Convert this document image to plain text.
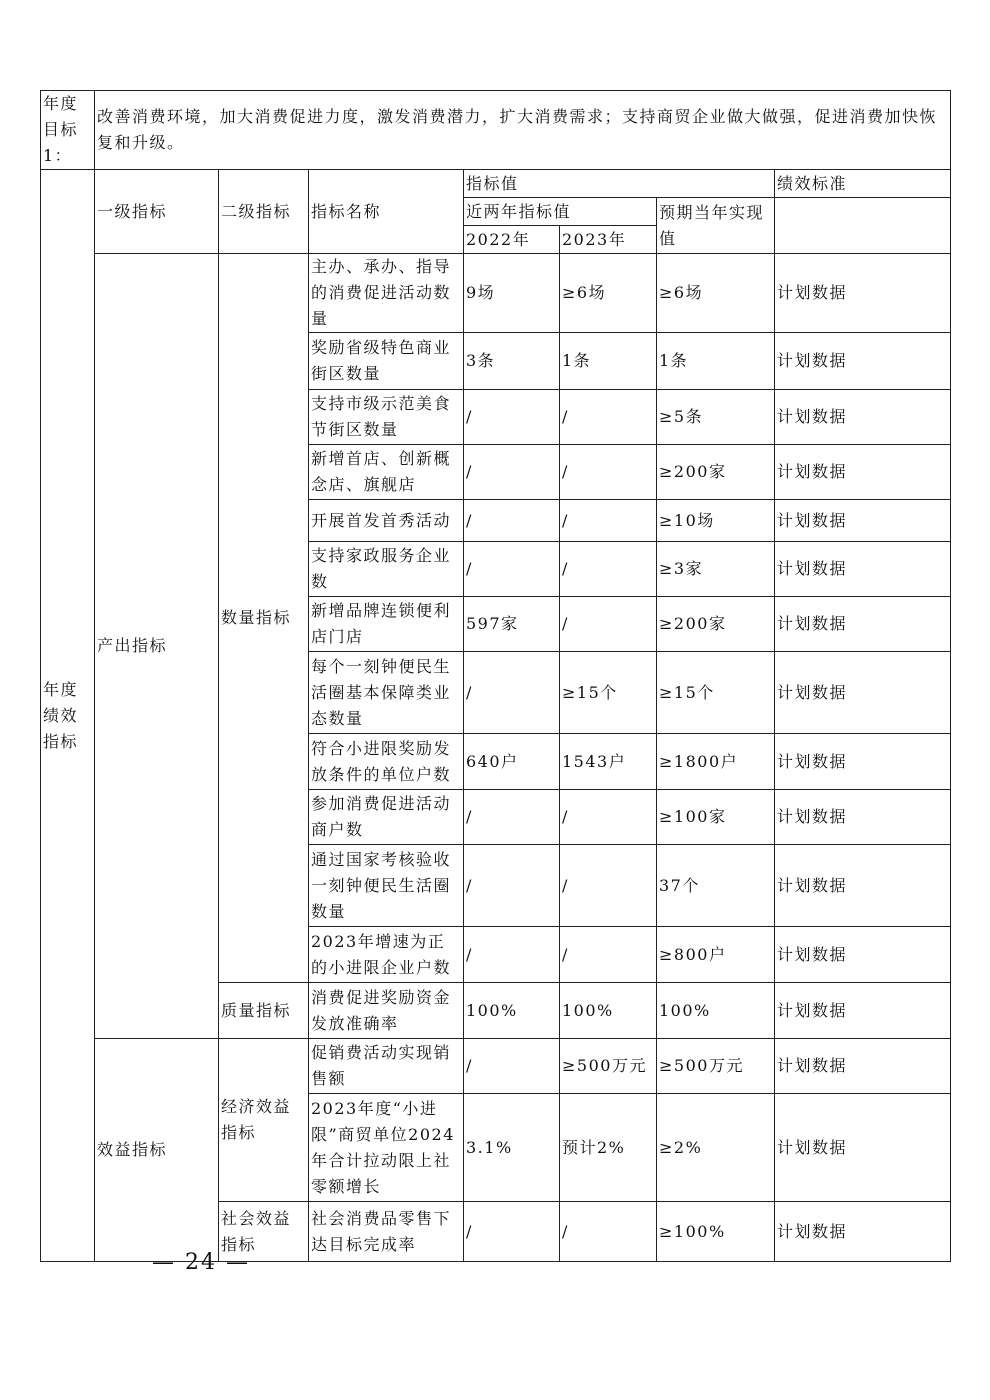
年度目标1：	改善消费环境，加大消费促进力度，激发消费潜力，扩大消费需求；支持商贸企业做大做强，促进消费加快恢复和升级。						
年度绩效指标	一级指标	二级指标	指标名称	指标值			绩效标准
				近两年指标值		预期当年实现值	
				2022年	2023年		
	产出指标	数量指标	主办、承办、指导的消费促进活动数量	9场	≥6场	≥6场	计划数据
			奖励省级特色商业街区数量	3条	1条	1条	计划数据
			支持市级示范美食节街区数量	/	/	≥5条	计划数据
			新增首店、创新概念店、旗舰店	/	/	≥200家	计划数据
			开展首发首秀活动	/	/	≥10场	计划数据
			支持家政服务企业数	/	/	≥3家	计划数据
			新增品牌连锁便利店门店	597家	/	≥200家	计划数据
			每个一刻钟便民生活圈基本保障类业态数量	/	≥15个	≥15个	计划数据
			符合小进限奖励发放条件的单位户数	640户	1543户	≥1800户	计划数据
			参加消费促进活动商户数	/	/	≥100家	计划数据
			通过国家考核验收一刻钟便民生活圈数量	/	/	37个	计划数据
			2023年增速为正的小进限企业户数	/	/	≥800户	计划数据
		质量指标	消费促进奖励资金发放准确率	100%	100%	100%	计划数据
	效益指标	经济效益指标	促销费活动实现销售额	/	≥500万元	≥500万元	计划数据
			2023年度“小进限”商贸单位2024年合计拉动限上社零额增长	3.1%	预计2%	≥2%	计划数据
		社会效益指标	社会消费品零售下达目标完成率	/	/	≥100%	计划数据
— 24 —
